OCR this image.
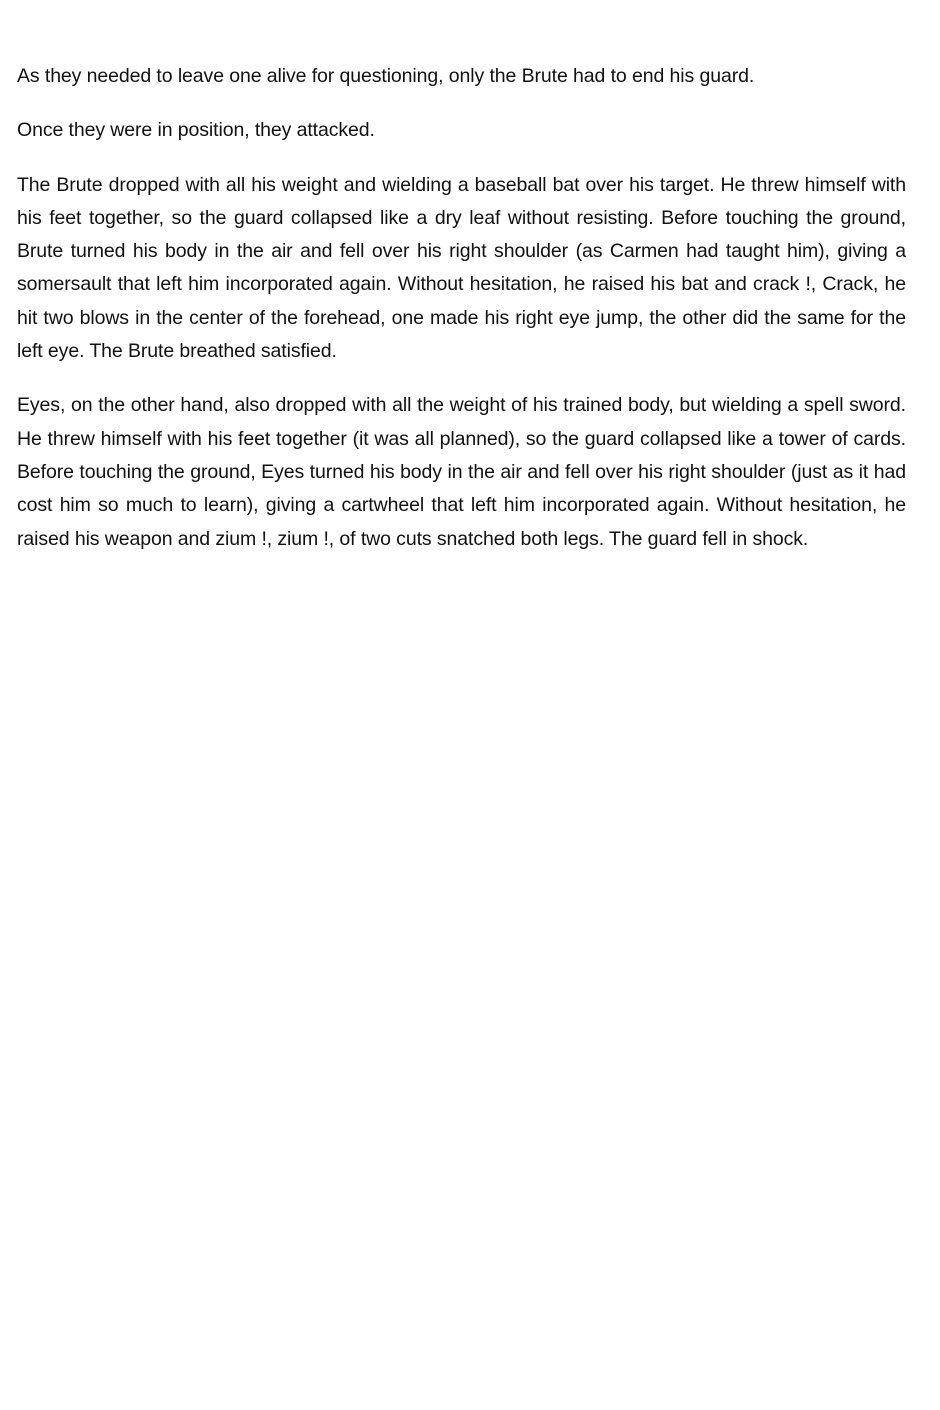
As they needed to leave one alive for questioning, only the Brute had to end his guard.

Once they were in position, they attacked.

The Brute dropped with all his weight and wielding a baseball bat over his target. He threw himself with his feet together, so the guard collapsed like a dry leaf without resisting. Before touching the ground, Brute turned his body in the air and fell over his right shoulder (as Carmen had taught him), giving a somersault that left him incorporated again. Without hesitation, he raised his bat and crack !, Crack, he hit two blows in the center of the forehead, one made his right eye jump, the other did the same for the left eye. The Brute breathed satisfied.

Eyes, on the other hand, also dropped with all the weight of his trained body, but wielding a spell sword. He threw himself with his feet together (it was all planned), so the guard collapsed like a tower of cards. Before touching the ground, Eyes turned his body in the air and fell over his right shoulder (just as it had cost him so much to learn), giving a cartwheel that left him incorporated again. Without hesitation, he raised his weapon and zium !, zium !, of two cuts snatched both legs. The guard fell in shock.
